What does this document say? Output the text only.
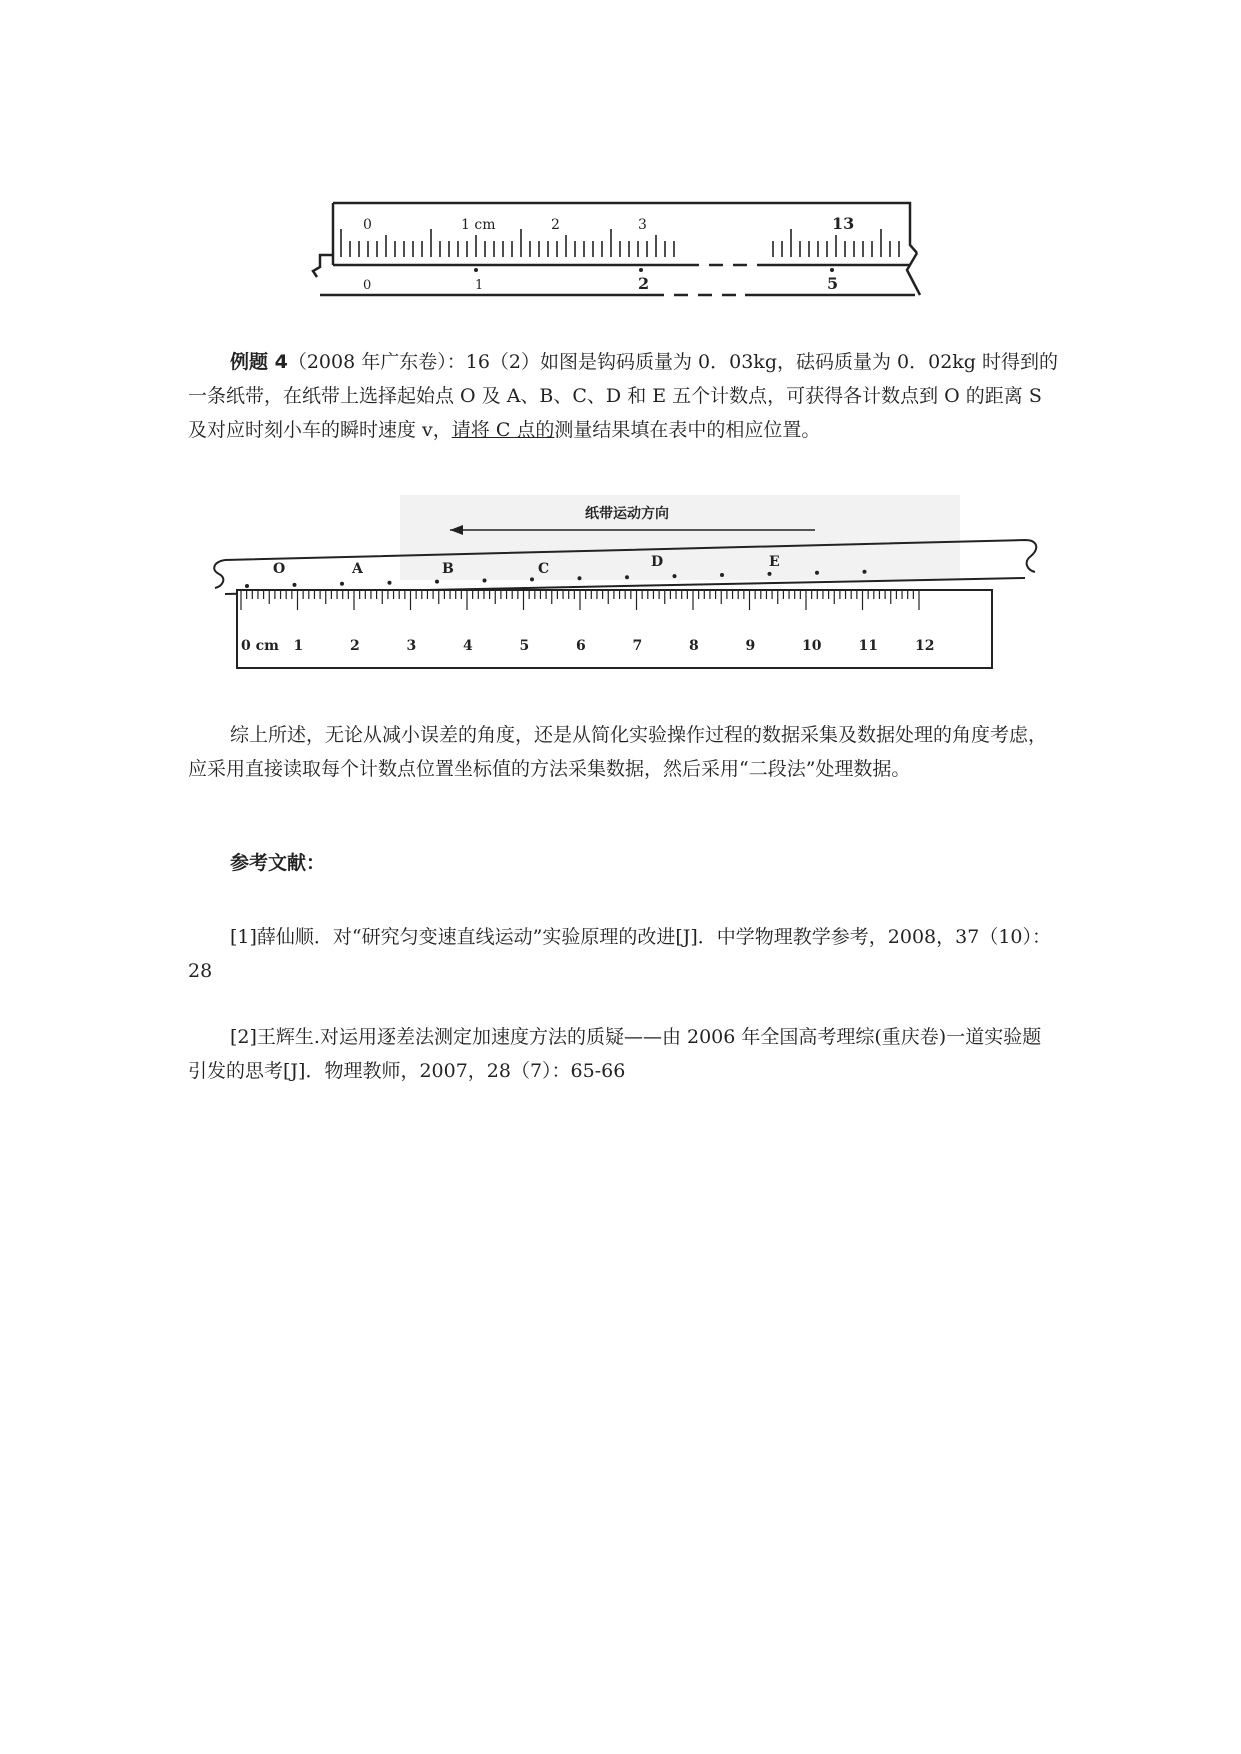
0	1 cm	2	3	13
0	1	2	5

例题 4（2008 年广东卷）：16（2）如图是钩码质量为 0．03kg，砝码质量为 0．02kg 时得到的一条纸带，在纸带上选择起始点 O 及 A、B、C、D 和 E 五个计数点，可获得各计数点到 O 的距离 S 及对应时刻小车的瞬时速度 v，请将 C 点的测量结果填在表中的相应位置。

纸带运动方向
0 cm 1	2	3	4	5	6	7	8	9	10	11	12
O	A	B	C	D	E

综上所述，无论从减小误差的角度，还是从简化实验操作过程的数据采集及数据处理的角度考虑，应采用直接读取每个计数点位置坐标值的方法采集数据，然后采用“二段法”处理数据。

参考文献：

[1]薛仙顺．对“研究匀变速直线运动”实验原理的改进[J]．中学物理教学参考，2008，37（10）：28

[2]王辉生.对运用逐差法测定加速度方法的质疑——由 2006 年全国高考理综(重庆卷)一道实验题引发的思考[J]．物理教师，2007，28（7）：65-66
